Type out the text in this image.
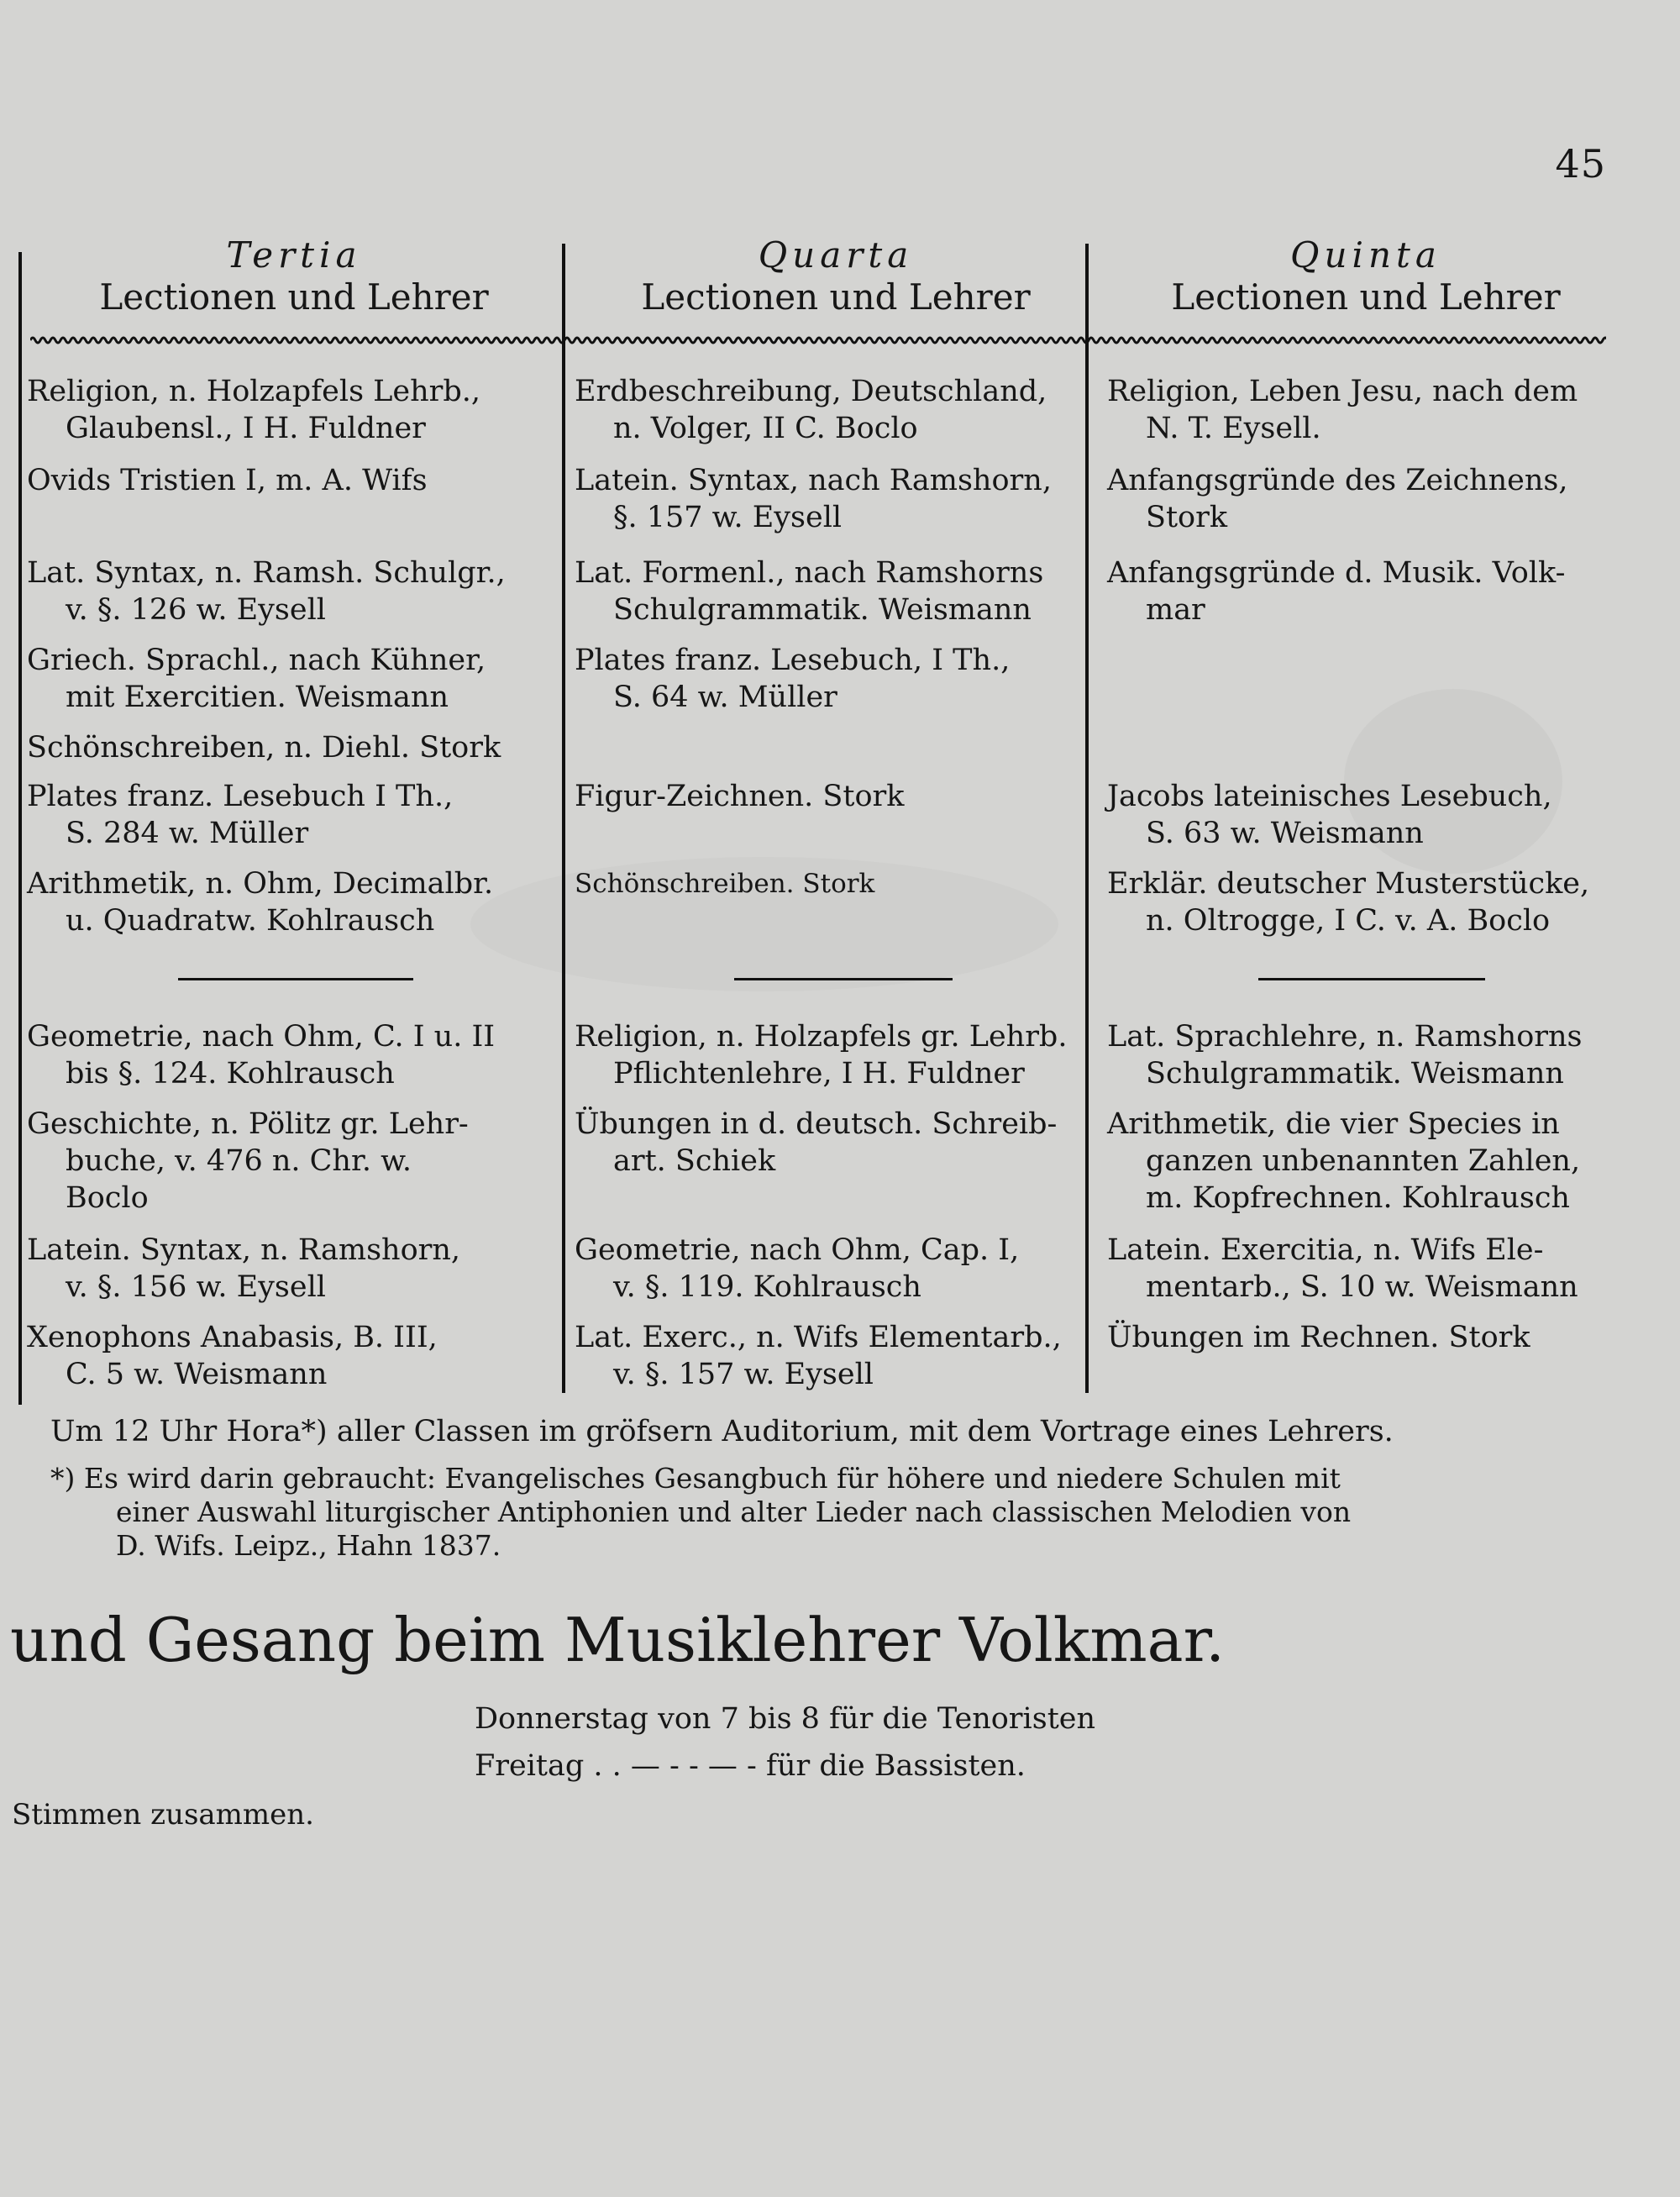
45
Tertia
Lectionen und Lehrer
Religion, n. Holzapfels Lehrb.,
Glaubensl., I H. Fuldner
Ovids Tristien I, m. A. Wifs
Lat. Syntax, n. Ramsh. Schulgr.,
v. §. 126 w. Eysell
Griech. Sprachl., nach Kühner,
mit Exercitien. Weismann
Schönschreiben, n. Diehl. Stork
Plates franz. Lesebuch I Th.,
S. 284 w. Müller
Arithmetik, n. Ohm, Decimalbr.
u. Quadratw. Kohlrausch
Geometrie, nach Ohm, C. I u. II
bis §. 124. Kohlrausch
Geschichte, n. Pölitz gr. Lehr-
buche, v. 476 n. Chr. w.
Boclo
Latein. Syntax, n. Ramshorn,
v. §. 156 w. Eysell
Xenophons Anabasis, B. III,
C. 5 w. Weismann
Quarta
Lectionen und Lehrer
Erdbeschreibung, Deutschland,
n. Volger, II C. Boclo
Latein. Syntax, nach Ramshorn,
§. 157 w. Eysell
Lat. Formenl., nach Ramshorns
Schulgrammatik. Weismann
Plates franz. Lesebuch, I Th.,
S. 64 w. Müller
Figur-Zeichnen. Stork
Schönschreiben. Stork
Religion, n. Holzapfels gr. Lehrb.
Pflichtenlehre, I H. Fuldner
Übungen in d. deutsch. Schreib-
art. Schiek
Geometrie, nach Ohm, Cap. I,
v. §. 119. Kohlrausch
Lat. Exerc., n. Wifs Elementarb.,
v. §. 157 w. Eysell
Quinta
Lectionen und Lehrer
Religion, Leben Jesu, nach dem
N. T. Eysell.
Anfangsgründe des Zeichnens,
Stork
Anfangsgründe d. Musik. Volk-
mar
Jacobs lateinisches Lesebuch,
S. 63 w. Weismann
Erklär. deutscher Musterstücke,
n. Oltrogge, I C. v. A. Boclo
Lat. Sprachlehre, n. Ramshorns
Schulgrammatik. Weismann
Arithmetik, die vier Species in
ganzen unbenannten Zahlen,
m. Kopfrechnen. Kohlrausch
Latein. Exercitia, n. Wifs Ele-
mentarb., S. 10 w. Weismann
Übungen im Rechnen. Stork
Um 12 Uhr Hora*) aller Classen im gröfsern Auditorium, mit dem Vortrage eines Lehrers.
*) Es wird darin gebraucht: Evangelisches Gesangbuch für höhere und niedere Schulen mit
einer Auswahl liturgischer Antiphonien und alter Lieder nach classischen Melodien von
D. Wifs. Leipz., Hahn 1837.
und Gesang beim Musiklehrer Volkmar.
Donnerstag von 7 bis 8 für die Tenoristen
Freitag . . — - - — - für die Bassisten.
Stimmen zusammen.
